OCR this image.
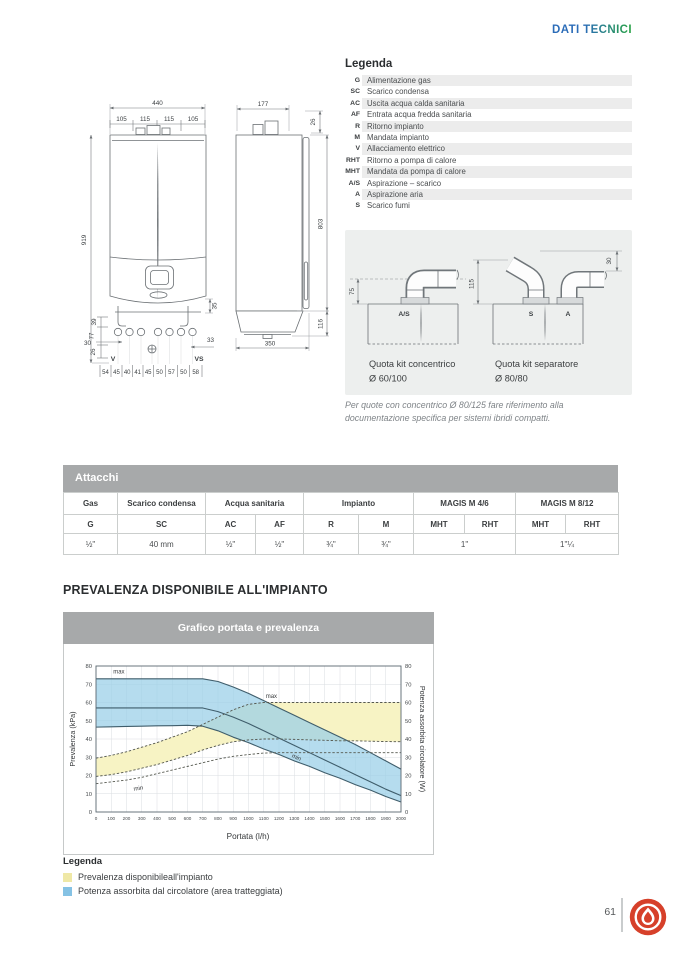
DATI TECNICI
Legenda
G Alimentazione gas
SC Scarico condensa
AC Uscita acqua calda sanitaria
AF Entrata acqua fredda sanitaria
R Ritorno impianto
M Mandata impianto
V Allacciamento elettrico
RHT Ritorno a pompa di calore
MHT Mandata da pompa di calore
A/S Aspirazione – scarico
A Aspirazione aria
S Scarico fumi
440
105 115 115 105
919
39
77
26
30	33
35
V	VS
54 45 40 41 45 50 57 50 58
177
26
803
116
350
75
A/S
Quota kit concentrico
Ø 60/100
115
30
S	A
Quota kit separatore
Ø 80/80
Per quote con concentrico Ø 80/125 fare riferimento alla
documentazione specifica per sistemi ibridi compatti.
Attacchi
Gas	Scarico condensa	Acqua sanitaria		Impianto		MAGIS M 4/6		MAGIS M 8/12	
G	SC	AC	AF	R	M	MHT	RHT	MHT	RHT
½"	40 mm	½"	½"	¾"	¾"	1"		1"¼	
PREVALENZA DISPONIBILE ALL'IMPIANTO
Grafico portata e prevalenza
Prevalenza (kPa)	Potenza assorbita circolatore (W)
Portata (l/h)
0 100 200 300 400 500 600 700 800 900 1000 1100 1200 1300 1400 1500 1600 1700 1800 1900 2000
0	0
10	10
20	20
30	30
40	40
50	50
60	60
70	70
80	80
max
max
min
min
Legenda
Prevalenza disponibileall'impianto
Potenza assorbita dal circolatore (area tratteggiata)
61
